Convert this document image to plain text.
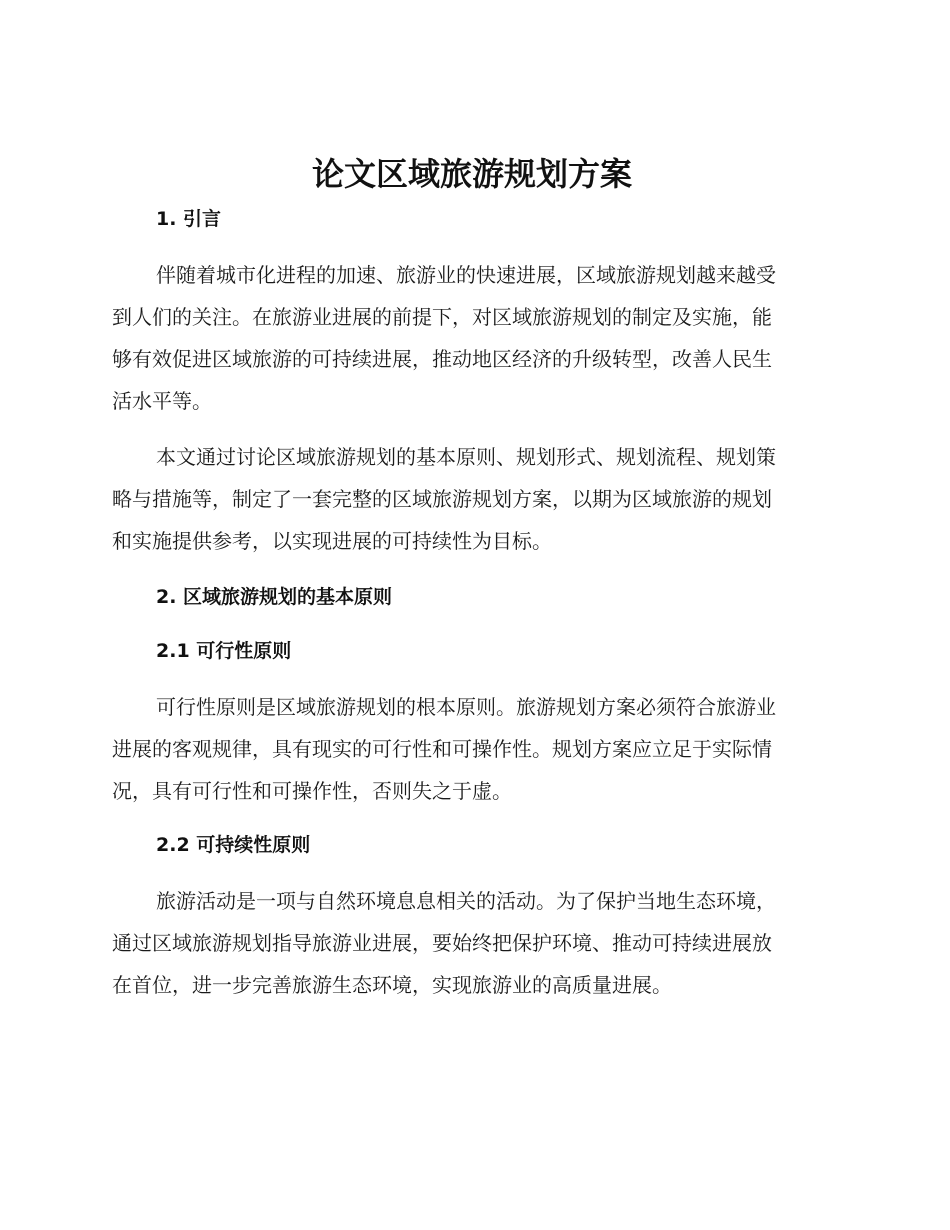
论文区域旅游规划方案
1. 引言

伴随着城市化进程的加速、旅游业的快速进展，区域旅游规划越来越受
到人们的关注。在旅游业进展的前提下，对区域旅游规划的制定及实施，能
够有效促进区域旅游的可持续进展，推动地区经济的升级转型，改善人民生
活水平等。

本文通过讨论区域旅游规划的基本原则、规划形式、规划流程、规划策
略与措施等，制定了一套完整的区域旅游规划方案，以期为区域旅游的规划
和实施提供参考，以实现进展的可持续性为目标。

2. 区域旅游规划的基本原则
2.1 可行性原则

可行性原则是区域旅游规划的根本原则。旅游规划方案必须符合旅游业
进展的客观规律，具有现实的可行性和可操作性。规划方案应立足于实际情
况，具有可行性和可操作性，否则失之于虚。

2.2 可持续性原则

旅游活动是一项与自然环境息息相关的活动。为了保护当地生态环境，
通过区域旅游规划指导旅游业进展，要始终把保护环境、推动可持续进展放
在首位，进一步完善旅游生态环境，实现旅游业的高质量进展。
